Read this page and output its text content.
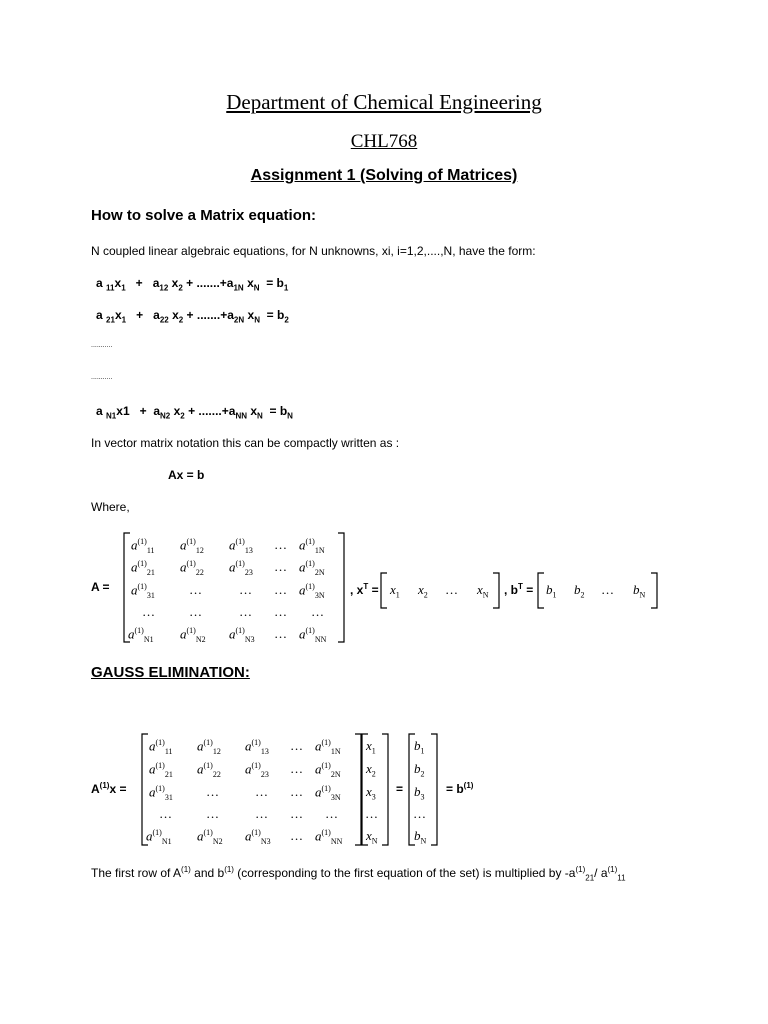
Department of Chemical Engineering
CHL768
Assignment 1 (Solving of Matrices)
How to solve a Matrix equation:
N coupled linear algebraic equations, for N unknowns, xi, i=1,2,....,N, have the form:
a $_{11}x_1 + a_{12}$ $x_2 + .......+a_{1N}$ $x_N = b_1$
a $_{21}x_1 + a_{22}$ $x_2 + .......+a_{2N}$ $x_N = b_2$
...........
...........
a $_{N1}x1 + a_{N2}$ $x_2 + .......+a_{NN}$ $x_N = b_N$
In vector matrix notation this can be compactly written as :
Ax = b
Where,
A =
$a^{(1)}_{11}$ $a^{(1)}_{12}$ $a^{(1)}_{13}$ … $a^{(1)}_{1N}$
$a^{(1)}_{21}$ $a^{(1)}_{22}$ $a^{(1)}_{23}$ … $a^{(1)}_{2N}$
$a^{(1)}_{31}$	…	… … $a^{(1)}_{3N}$
…	…	… … …
$a^{(1)}_{N1}$ $a^{(1)}_{N2}$ $a^{(1)}_{N3}$ … $a^{(1)}_{NN}$
, $x^T = x_1$ $x_2$ … $x_N$ , $b^T = b_1$ $b_2$ … $b_N$
GAUSS ELIMINATION:
$A^{(1)}x$ =
$a^{(1)}_{11}$ $a^{(1)}_{12}$ $a^{(1)}_{13}$ … $a^{(1)}_{1N}$
$a^{(1)}_{21}$ $a^{(1)}_{22}$ $a^{(1)}_{23}$ … $a^{(1)}_{2N}$
$a^{(1)}_{31}$	…	… … $a^{(1)}_{3N}$
…	…	… … …
$a^{(1)}_{N1}$ $a^{(1)}_{N2}$ $a^{(1)}_{N3}$ … $a^{(1)}_{NN}$
$x_1$
$x_2$
$x_3$
…
$x_N$
=
$b_1$
$b_2$
$b_3$
…
$b_N$
= $b^{(1)}$
The first row of $A^{(1)}$ and $b^{(1)}$ (corresponding to the first equation of the set) is multiplied by $-a^{(1)}_{21}/$ $a^{(1)}_{11}$
